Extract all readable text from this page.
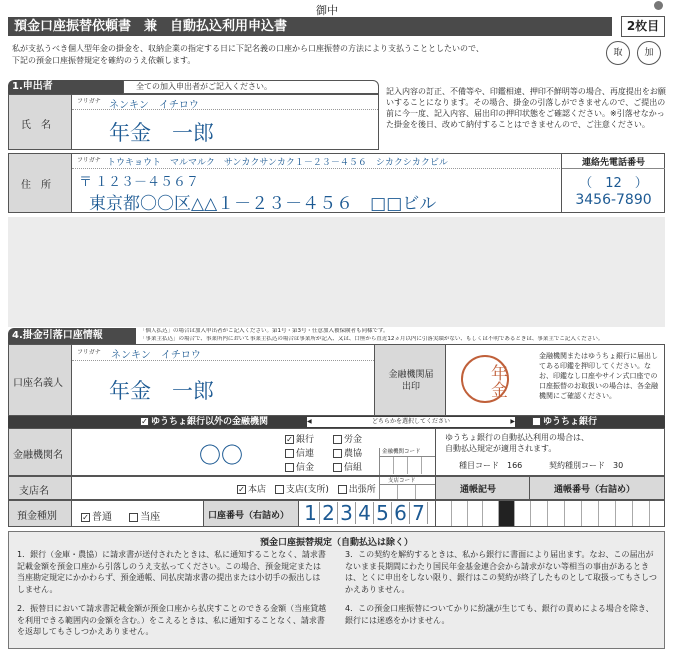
御中
預金口座振替依頼書　兼　自動払込利用申込書	2枚目
取	加
私が支払うべき個人型年金の掛金を、収納企業の指定する日に下記名義の口座から口座振替の方法により支払うこととしたいので、
下記の預金口座振替規定を確約のうえ依頼します。
1.申出者	全ての加入申出者がご記入ください。
氏　名
フリガナ ネンキン　イチロウ
年金　一郎
住　所
フリガナ トウキョウト　マルマルク　サンカクサンカク１－２３－４５６　シカクシカクビル
〒 １２３－４５６７
東京都〇〇区△△１－２３－４５６　□□ビル
連絡先電話番号
（　12　）
3456-7890
記入内容の訂正、不備等や、印鑑相違、押印不鮮明等の場合、再度提出をお願いすることになります。その場合、掛金の引落しができませんので、ご提出の前に今一度、記入内容、届出印の押印状態をご確認ください。※引落せなかった掛金を後日、改めて納付することはできませんので、ご注意ください。
4.掛金引落口座情報	「個人払込」の場合は加入申出者がご記入ください。第1号・第3号・任意加入被保険者も同様です。
「事業主払込」の場合で、事業所内において事業主払込の場合は事業所が記入、又は、口座から直近12ヵ月以内に引落実績がない、もしくは不明であるときは、事業主でご記入ください。
口座名義人
フリガナ ネンキン　イチロウ
年金　一郎
金融機関届出印	年金
金融機関またはゆうちょ銀行に届出してある印鑑を押印してください。なお、印鑑なし口座やサイン式口座での口座振替のお取扱いの場合は、各金融機関にご確認ください。
✓ ゆうちょ銀行以外の金融機関	◀	どちらかを選択してください	▶	ゆうちょ銀行
金融機関名	〇〇
✓ 銀行	労金
信連	農協
信金	信組
金融機関コード
ゆうちょ銀行の自動払込利用の場合は、
自動払込規定が適用されます。
種目コード　166	契約種別コード　30
支店名	✓ 本店 支店(支所) 出張所
支店コード
通帳記号	通帳番号（右詰め）
預金種別	✓ 普通	当座	口座番号（右詰め） 1 2 3 4 5 6 7
預金口座振替規定（自動払込は除く）
1．銀行（金庫・農協）に請求書が送付されたときは、私に通知することなく、請求書記載金額を預金口座から引落しのうえ支払ってください。この場合、預金規定または当座勘定規定にかかわらず、預金通帳、同払戻請求書の提出または小切手の振出しはしません。
2．振替日において請求書記載金額が預金口座から払戻すことのできる金額（当座貸越を利用できる範囲内の金額を含む。）をこえるときは、私に通知することなく、請求書を返却してもさしつかえありません。
3．この契約を解約するときは、私から銀行に書面により届出ます。なお、この届出がないまま長期間にわたり国民年金基金連合会から請求がない等相当の事由があるときは、とくに申出をしない限り、銀行はこの契約が終了したものとして取扱ってもさしつかえありません。
4．この預金口座振替についてかりに紛議が生じても、銀行の責めによる場合を除き、銀行には迷惑をかけません。
